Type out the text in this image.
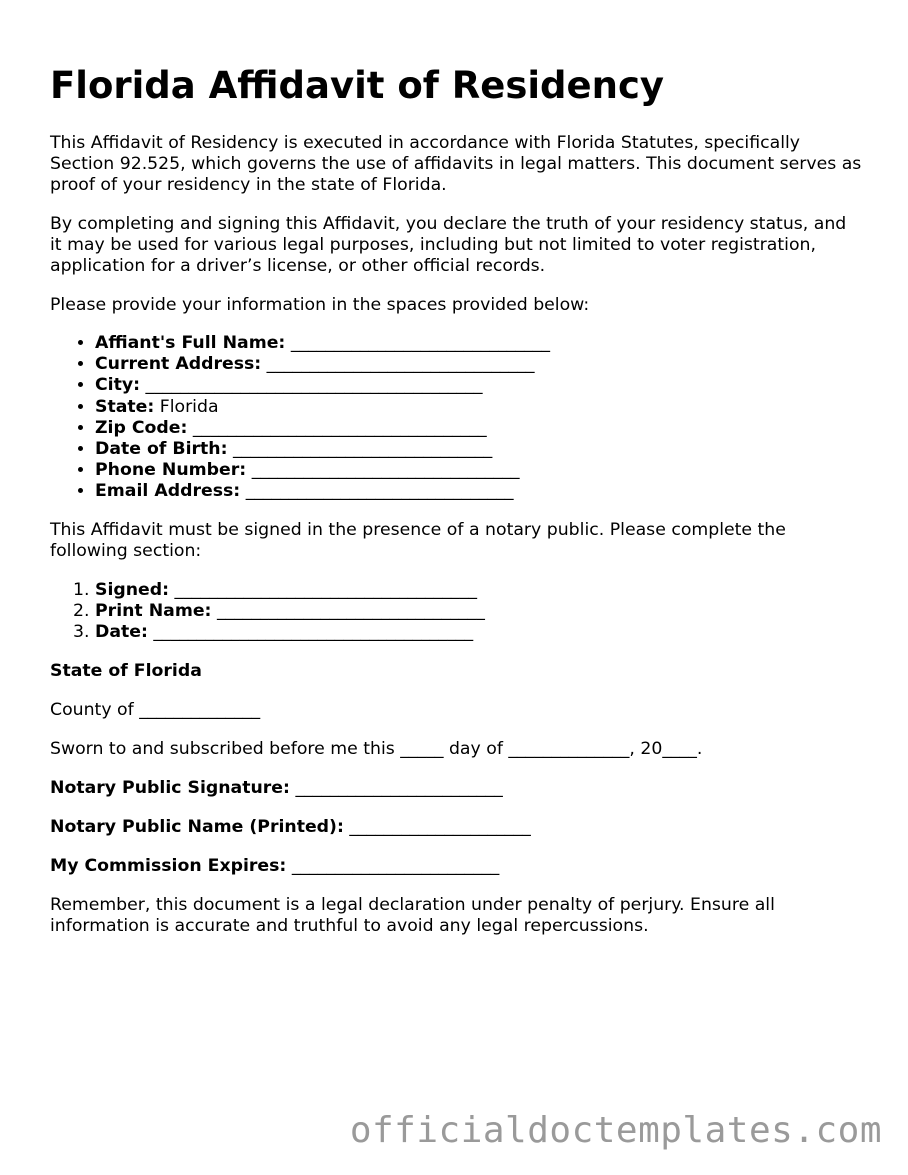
Florida Affidavit of Residency

This Affidavit of Residency is executed in accordance with Florida Statutes, specifically Section 92.525, which governs the use of affidavits in legal matters. This document serves as proof of your residency in the state of Florida.

By completing and signing this Affidavit, you declare the truth of your residency status, and it may be used for various legal purposes, including but not limited to voter registration, application for a driver’s license, or other official records.

Please provide your information in the spaces provided below:

• Affiant's Full Name: ______________________________
• Current Address: _______________________________
• City: _______________________________________
• State: Florida
• Zip Code: __________________________________
• Date of Birth: ______________________________
• Phone Number: _______________________________
• Email Address: _______________________________

This Affidavit must be signed in the presence of a notary public. Please complete the following section:

1. Signed: ___________________________________
2. Print Name: _______________________________
3. Date: _____________________________________

State of Florida

County of ______________

Sworn to and subscribed before me this _____ day of ______________, 20____.

Notary Public Signature: ________________________

Notary Public Name (Printed): _____________________

My Commission Expires: ________________________

Remember, this document is a legal declaration under penalty of perjury. Ensure all information is accurate and truthful to avoid any legal repercussions.

officialdoctemplates.com
